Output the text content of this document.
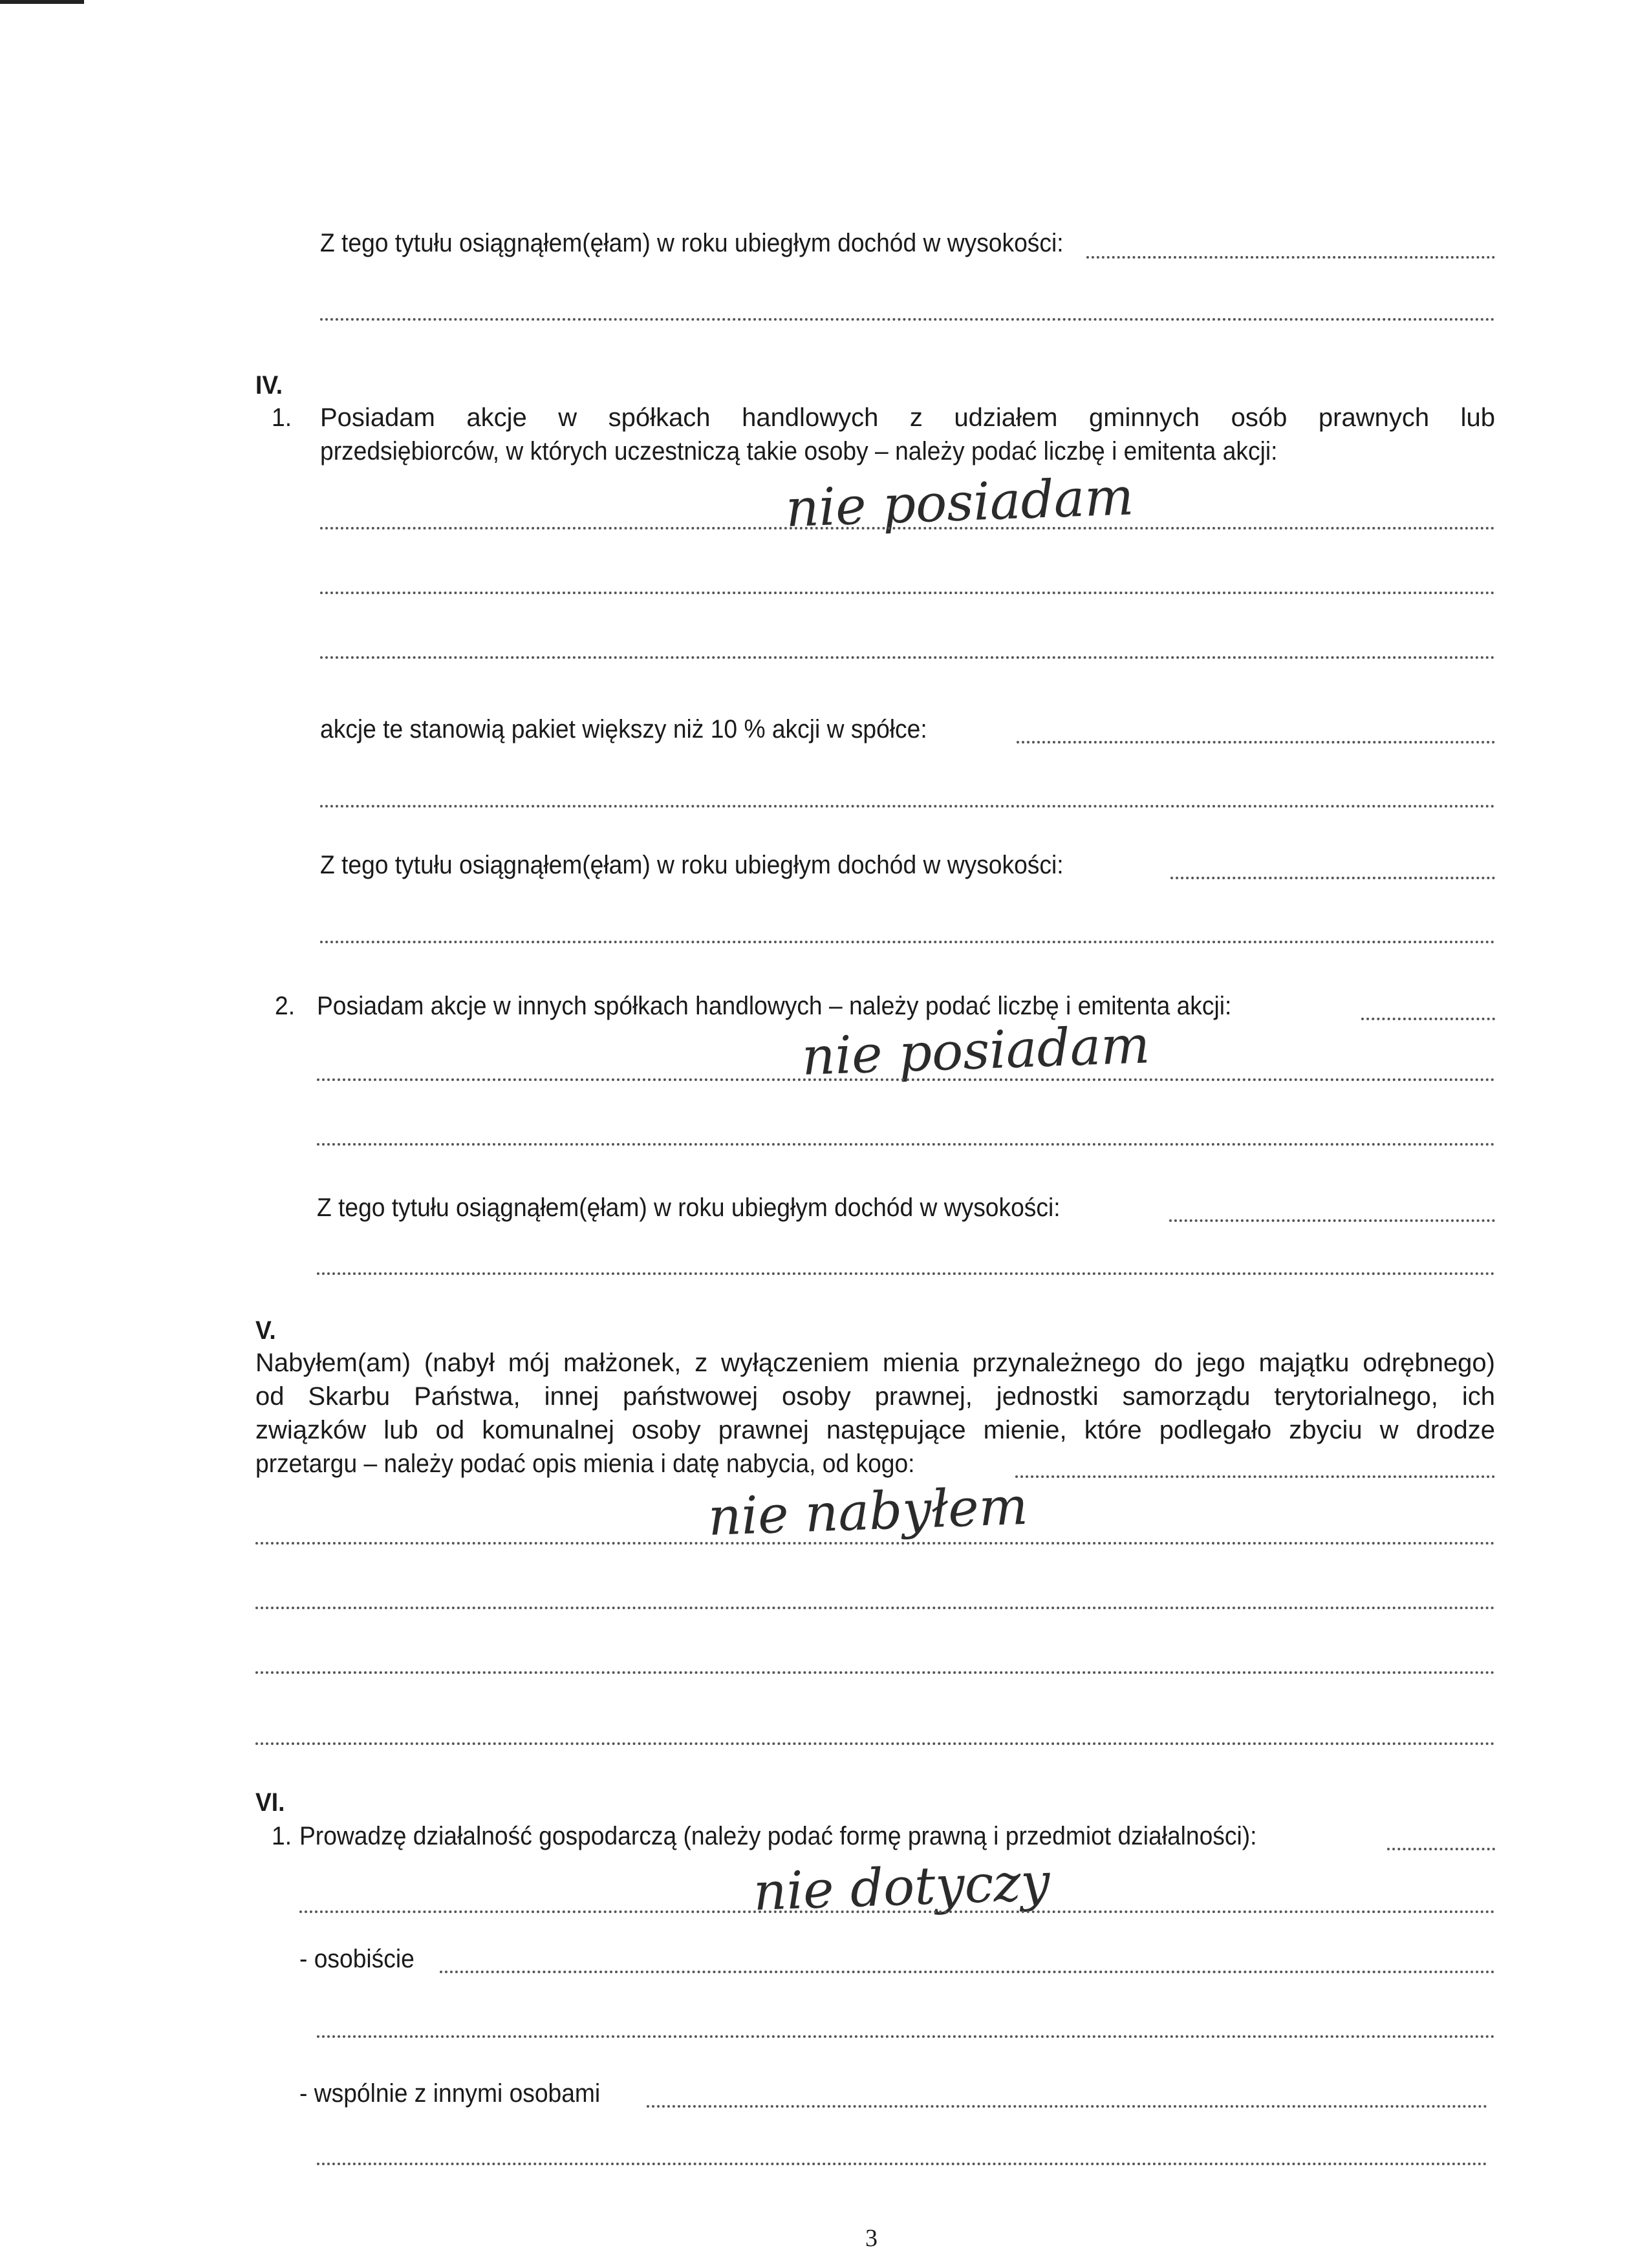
Z tego tytułu osiągnąłem(ęłam) w roku ubiegłym dochód w wysokości:
IV.
1. Posiadam akcje w spółkach handlowych z udziałem gminnych osób prawnych lub
przedsiębiorców, w których uczestniczą takie osoby – należy podać liczbę i emitenta akcji:
nie posiadam
akcje te stanowią pakiet większy niż 10 % akcji w spółce:
Z tego tytułu osiągnąłem(ęłam) w roku ubiegłym dochód w wysokości:
2. Posiadam akcje w innych spółkach handlowych – należy podać liczbę i emitenta akcji:
nie posiadam
Z tego tytułu osiągnąłem(ęłam) w roku ubiegłym dochód w wysokości:
V.
Nabyłem(am) (nabył mój małżonek, z wyłączeniem mienia przynależnego do jego majątku odrębnego)
od Skarbu Państwa, innej państwowej osoby prawnej, jednostki samorządu terytorialnego, ich
związków lub od komunalnej osoby prawnej następujące mienie, które podlegało zbyciu w drodze
przetargu – należy podać opis mienia i datę nabycia, od kogo:
nie nabyłem
VI.
1. Prowadzę działalność gospodarczą (należy podać formę prawną i przedmiot działalności):
nie dotyczy
- osobiście
- wspólnie z innymi osobami
3
